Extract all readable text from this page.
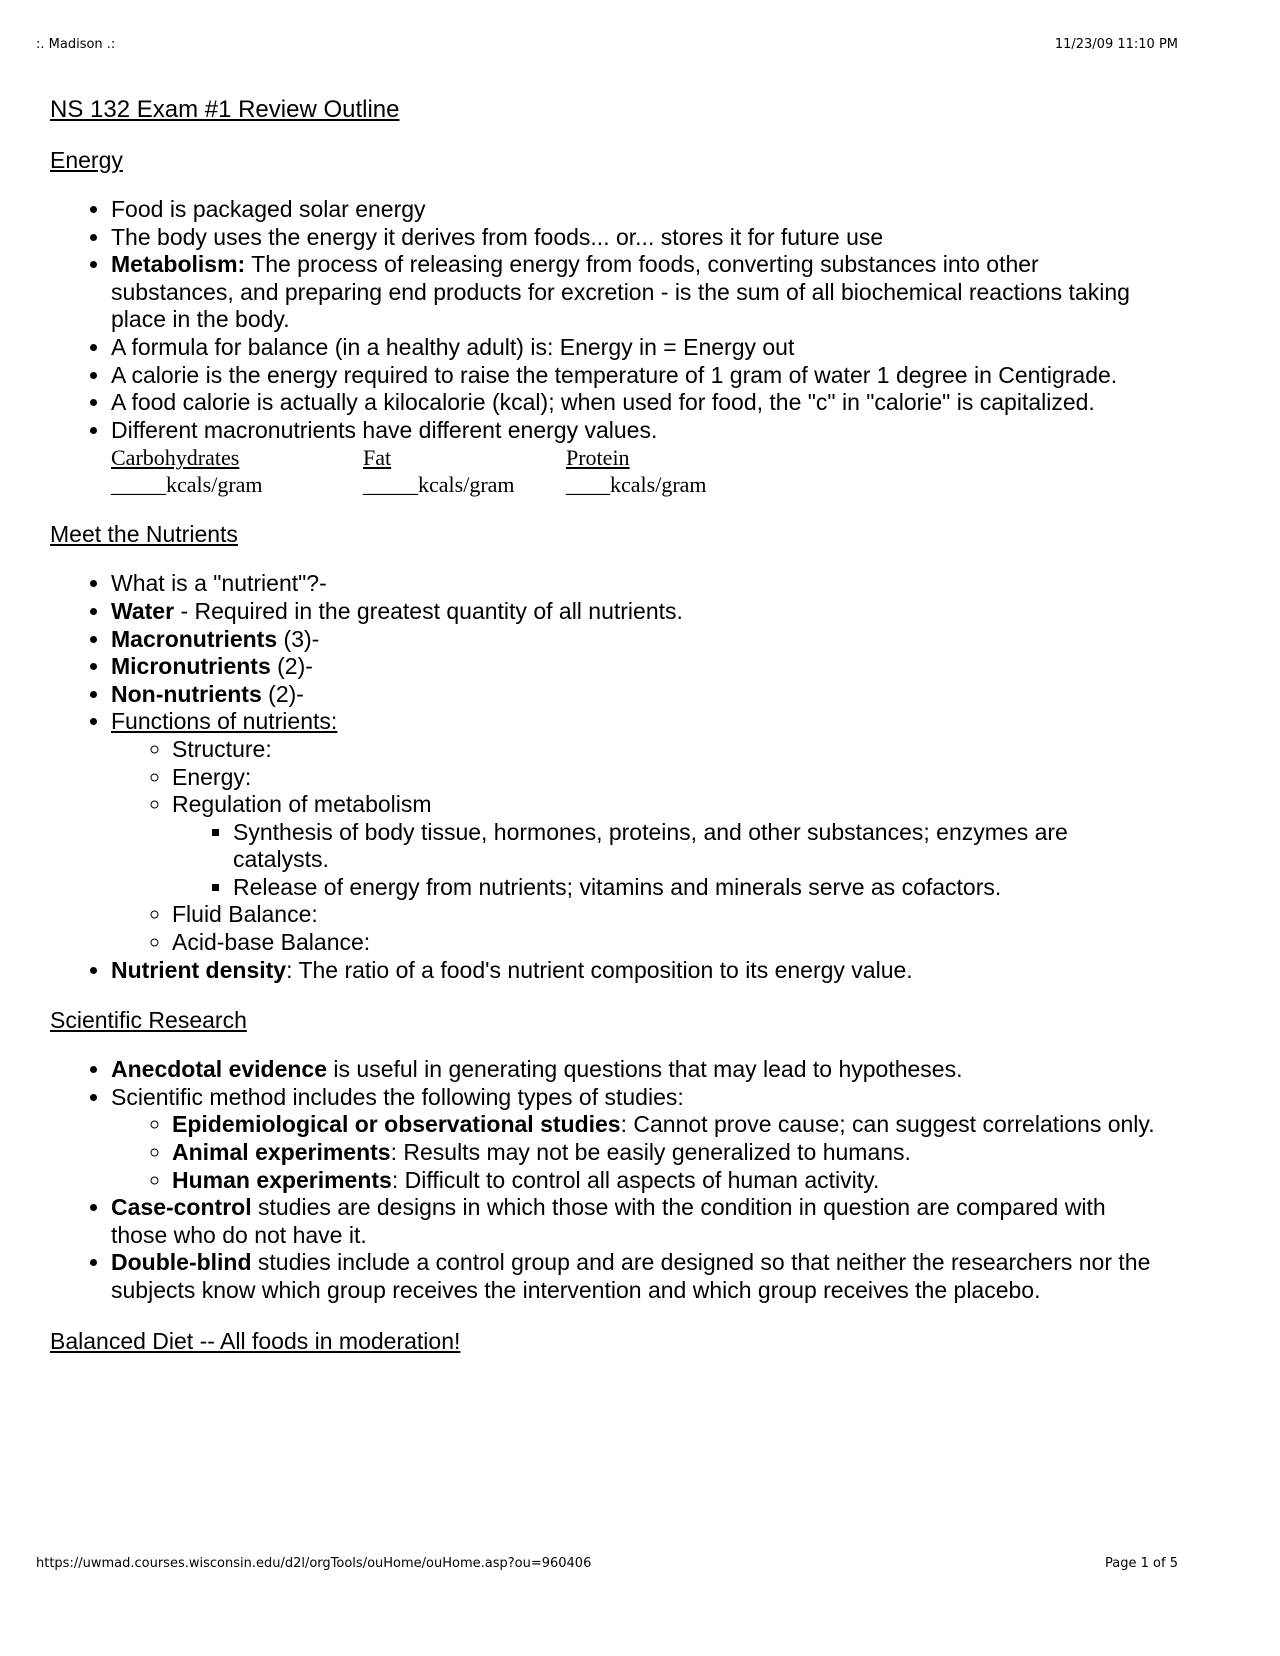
:. Madison .:	11/23/09 11:10 PM
NS 132 Exam #1 Review Outline
Energy
• Food is packaged solar energy
• The body uses the energy it derives from foods... or... stores it for future use
• Metabolism: The process of releasing energy from foods, converting substances into other substances, and preparing end products for excretion - is the sum of all biochemical reactions taking place in the body.
• A formula for balance (in a healthy adult) is: Energy in = Energy out
• A calorie is the energy required to raise the temperature of 1 gram of water 1 degree in Centigrade.
• A food calorie is actually a kilocalorie (kcal); when used for food, the "c" in "calorie" is capitalized.
• Different macronutrients have different energy values.
Carbohydrates	Fat	Protein
_____kcals/gram	_____kcals/gram	____kcals/gram
Meet the Nutrients
• What is a "nutrient"?-
• Water - Required in the greatest quantity of all nutrients.
• Macronutrients (3)-
• Micronutrients (2)-
• Non-nutrients (2)-
• Functions of nutrients:
◦ Structure:
◦ Energy:
◦ Regulation of metabolism
▪ Synthesis of body tissue, hormones, proteins, and other substances; enzymes are catalysts.
▪ Release of energy from nutrients; vitamins and minerals serve as cofactors.
◦ Fluid Balance:
◦ Acid-base Balance:
• Nutrient density: The ratio of a food's nutrient composition to its energy value.
Scientific Research
• Anecdotal evidence is useful in generating questions that may lead to hypotheses.
• Scientific method includes the following types of studies:
◦ Epidemiological or observational studies: Cannot prove cause; can suggest correlations only.
◦ Animal experiments: Results may not be easily generalized to humans.
◦ Human experiments: Difficult to control all aspects of human activity.
• Case-control studies are designs in which those with the condition in question are compared with those who do not have it.
• Double-blind studies include a control group and are designed so that neither the researchers nor the subjects know which group receives the intervention and which group receives the placebo.
Balanced Diet -- All foods in moderation!
https://uwmad.courses.wisconsin.edu/d2l/orgTools/ouHome/ouHome.asp?ou=960406	Page 1 of 5
